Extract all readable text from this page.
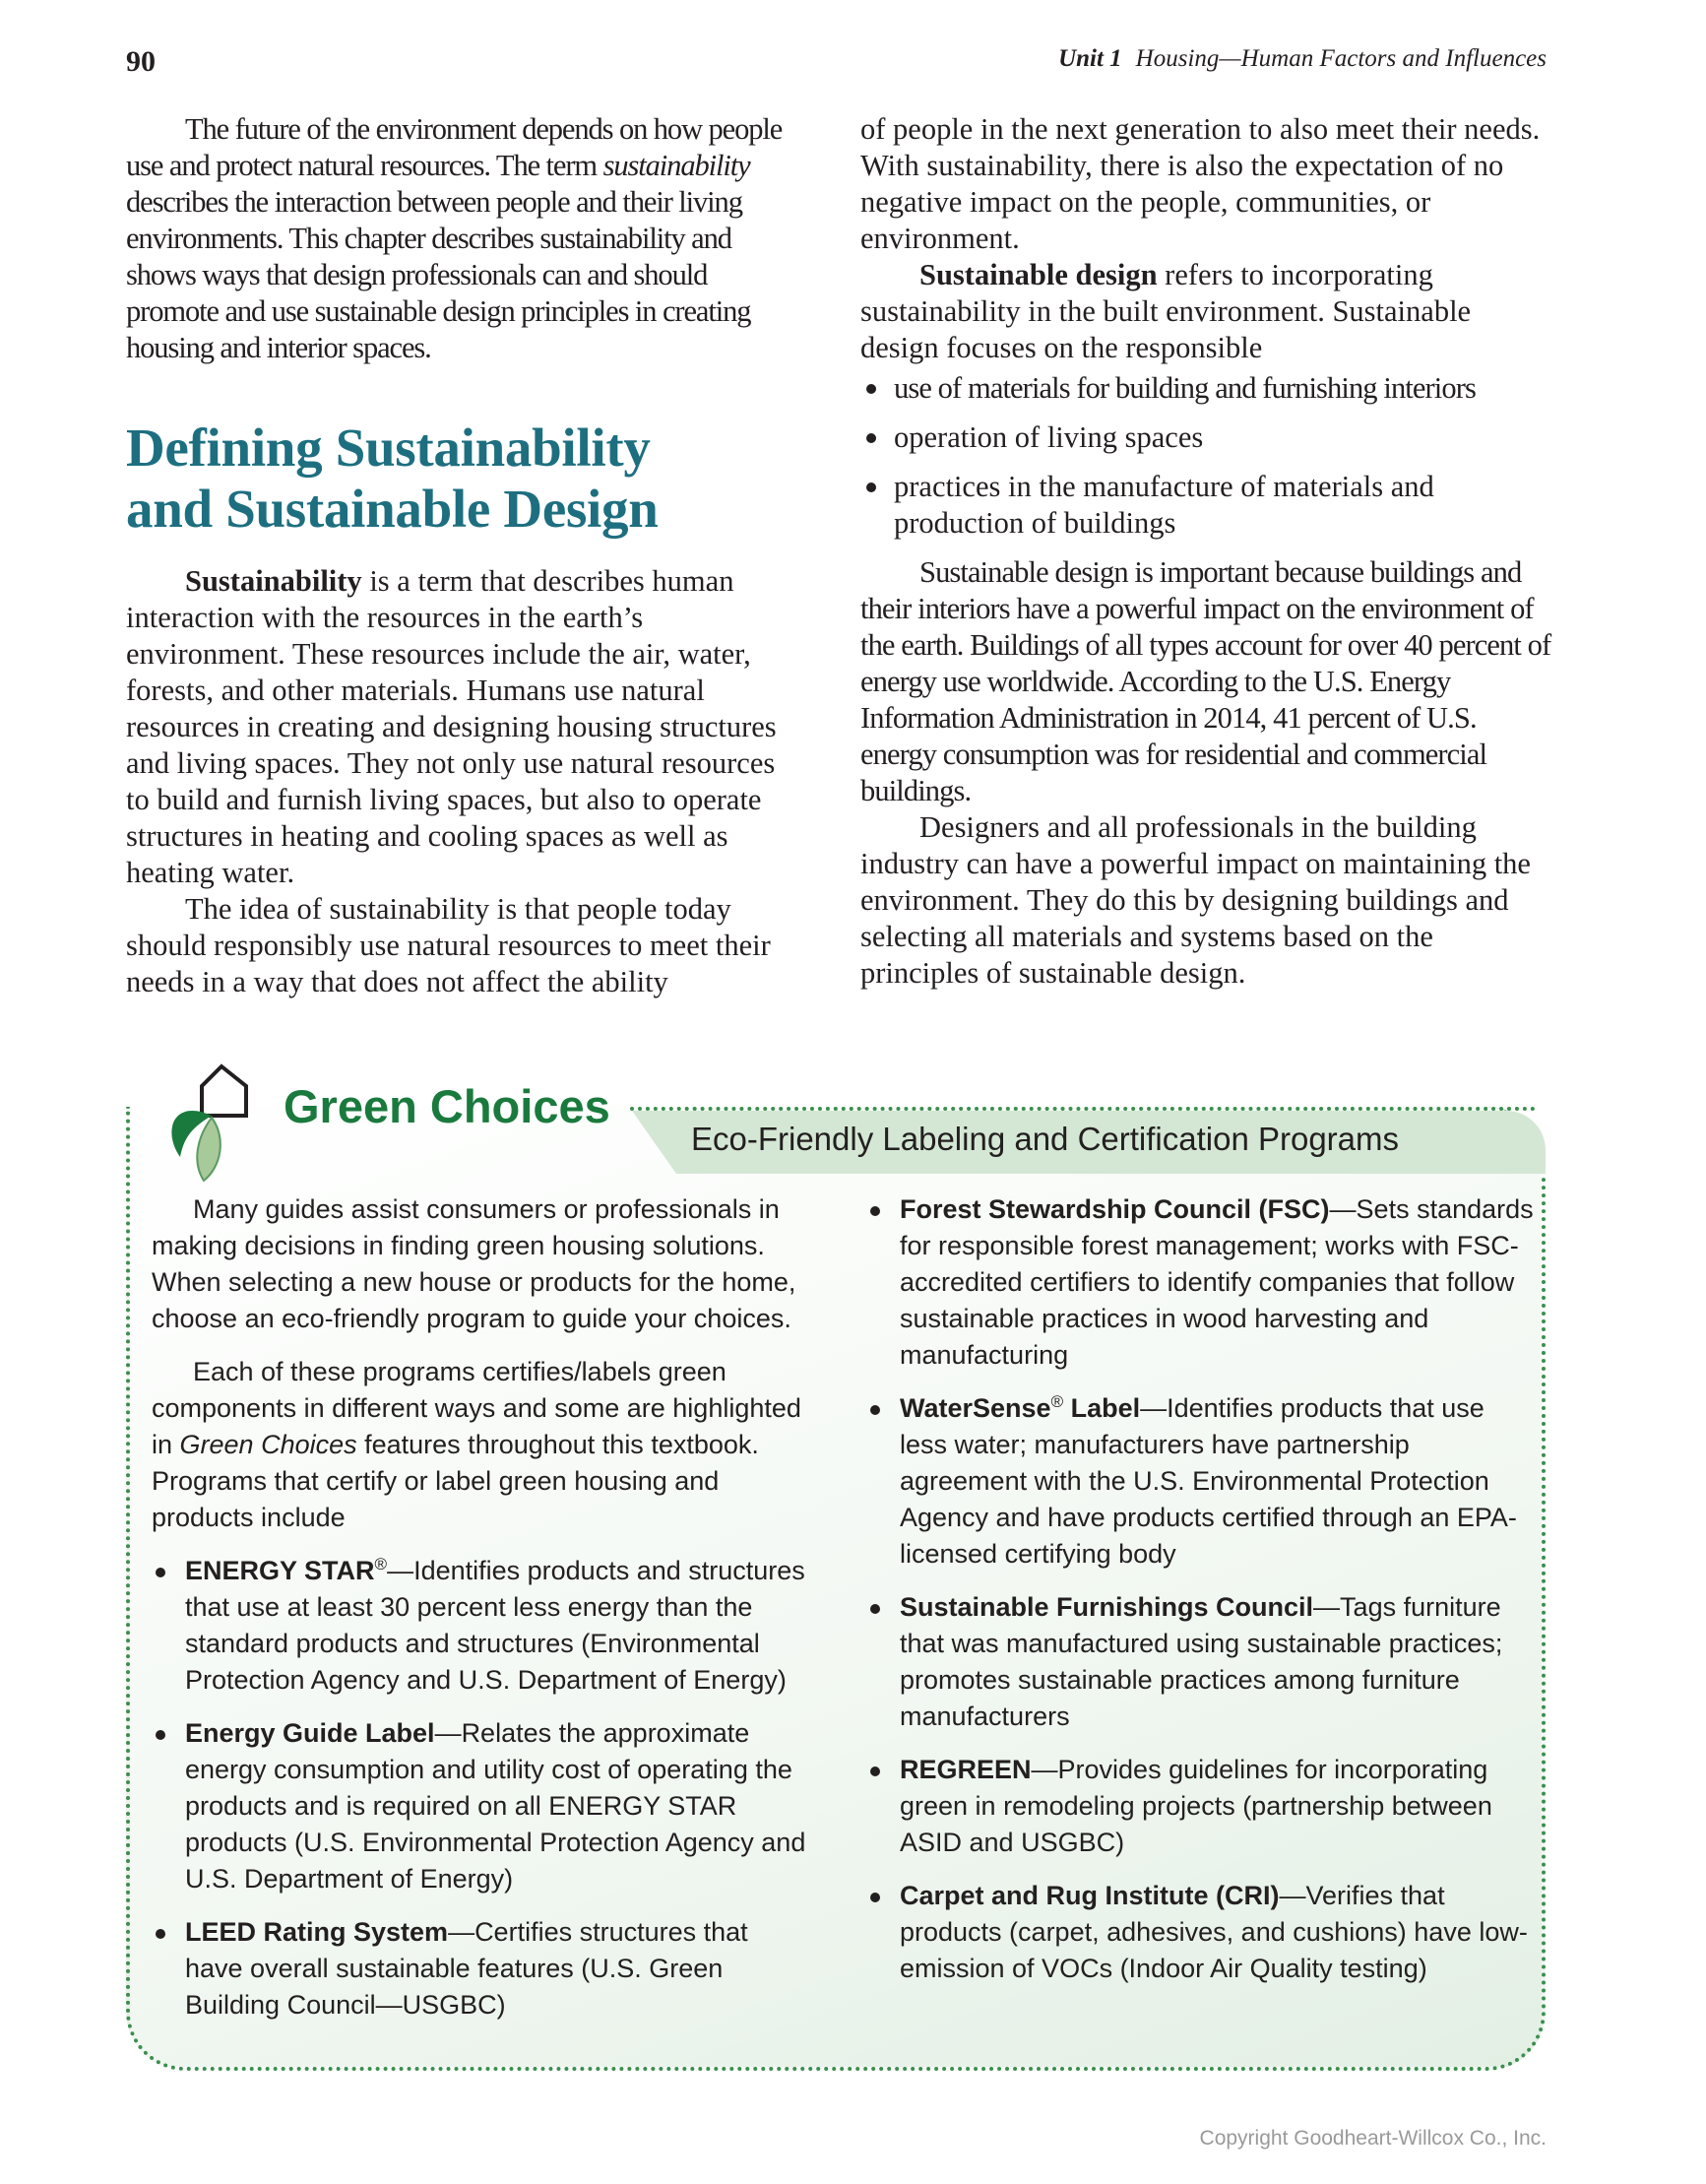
90	Unit 1 Housing—Human Factors and Influences

The future of the environment depends on how people use and protect natural resources. The term sustainability describes the interaction between people and their living environments. This chapter describes sustainability and shows ways that design professionals can and should promote and use sustainable design principles in creating housing and interior spaces.

Defining Sustainability
and Sustainable Design

Sustainability is a term that describes human interaction with the resources in the earth’s environment. These resources include the air, water, forests, and other materials. Humans use natural resources in creating and designing housing structures and living spaces. They not only use natural resources to build and furnish living spaces, but also to operate structures in heating and cooling spaces as well as heating water.

The idea of sustainability is that people today should responsibly use natural resources to meet their needs in a way that does not affect the ability

of people in the next generation to also meet their needs. With sustainability, there is also the expectation of no negative impact on the people, communities, or environment.

Sustainable design refers to incorporating sustainability in the built environment. Sustainable design focuses on the responsible

use of materials for building and furnishing interiors
operation of living spaces
practices in the manufacture of materials and production of buildings

Sustainable design is important because buildings and their interiors have a powerful impact on the environment of the earth. Buildings of all types account for over 40 percent of energy use worldwide. According to the U.S. Energy Information Administration in 2014, 41 percent of U.S. energy consumption was for residential and commercial buildings.

Designers and all professionals in the building industry can have a powerful impact on maintaining the environment. They do this by designing buildings and selecting all materials and systems based on the principles of sustainable design.

Eco-Friendly Labeling and Certification Programs
Green Choices

Many guides assist consumers or professionals in making decisions in finding green housing solutions. When selecting a new house or products for the home, choose an eco-friendly program to guide your choices.

Each of these programs certifies/labels green components in different ways and some are highlighted in Green Choices features throughout this textbook. Programs that certify or label green housing and products include

ENERGY STAR®—Identifies products and structures that use at least 30 percent less energy than the standard products and structures (Environmental Protection Agency and U.S. Department of Energy)
Energy Guide Label—Relates the approximate energy consumption and utility cost of operating the products and is required on all ENERGY STAR products (U.S. Environmental Protection Agency and U.S. Department of Energy)
LEED Rating System—Certifies structures that have overall sustainable features (U.S. Green Building Council—USGBC)
Forest Stewardship Council (FSC)—Sets standards for responsible forest management; works with FSC-accredited certifiers to identify companies that follow sustainable practices in wood harvesting and manufacturing
WaterSense® Label—Identifies products that use less water; manufacturers have partnership agreement with the U.S. Environmental Protection Agency and have products certified through an EPA-licensed certifying body
Sustainable Furnishings Council—Tags furniture that was manufactured using sustainable practices; promotes sustainable practices among furniture manufacturers
REGREEN—Provides guidelines for incorporating green in remodeling projects (partnership between ASID and USGBC)
Carpet and Rug Institute (CRI)—Verifies that products (carpet, adhesives, and cushions) have low-emission of VOCs (Indoor Air Quality testing)
Copyright Goodheart-Willcox Co., Inc.
